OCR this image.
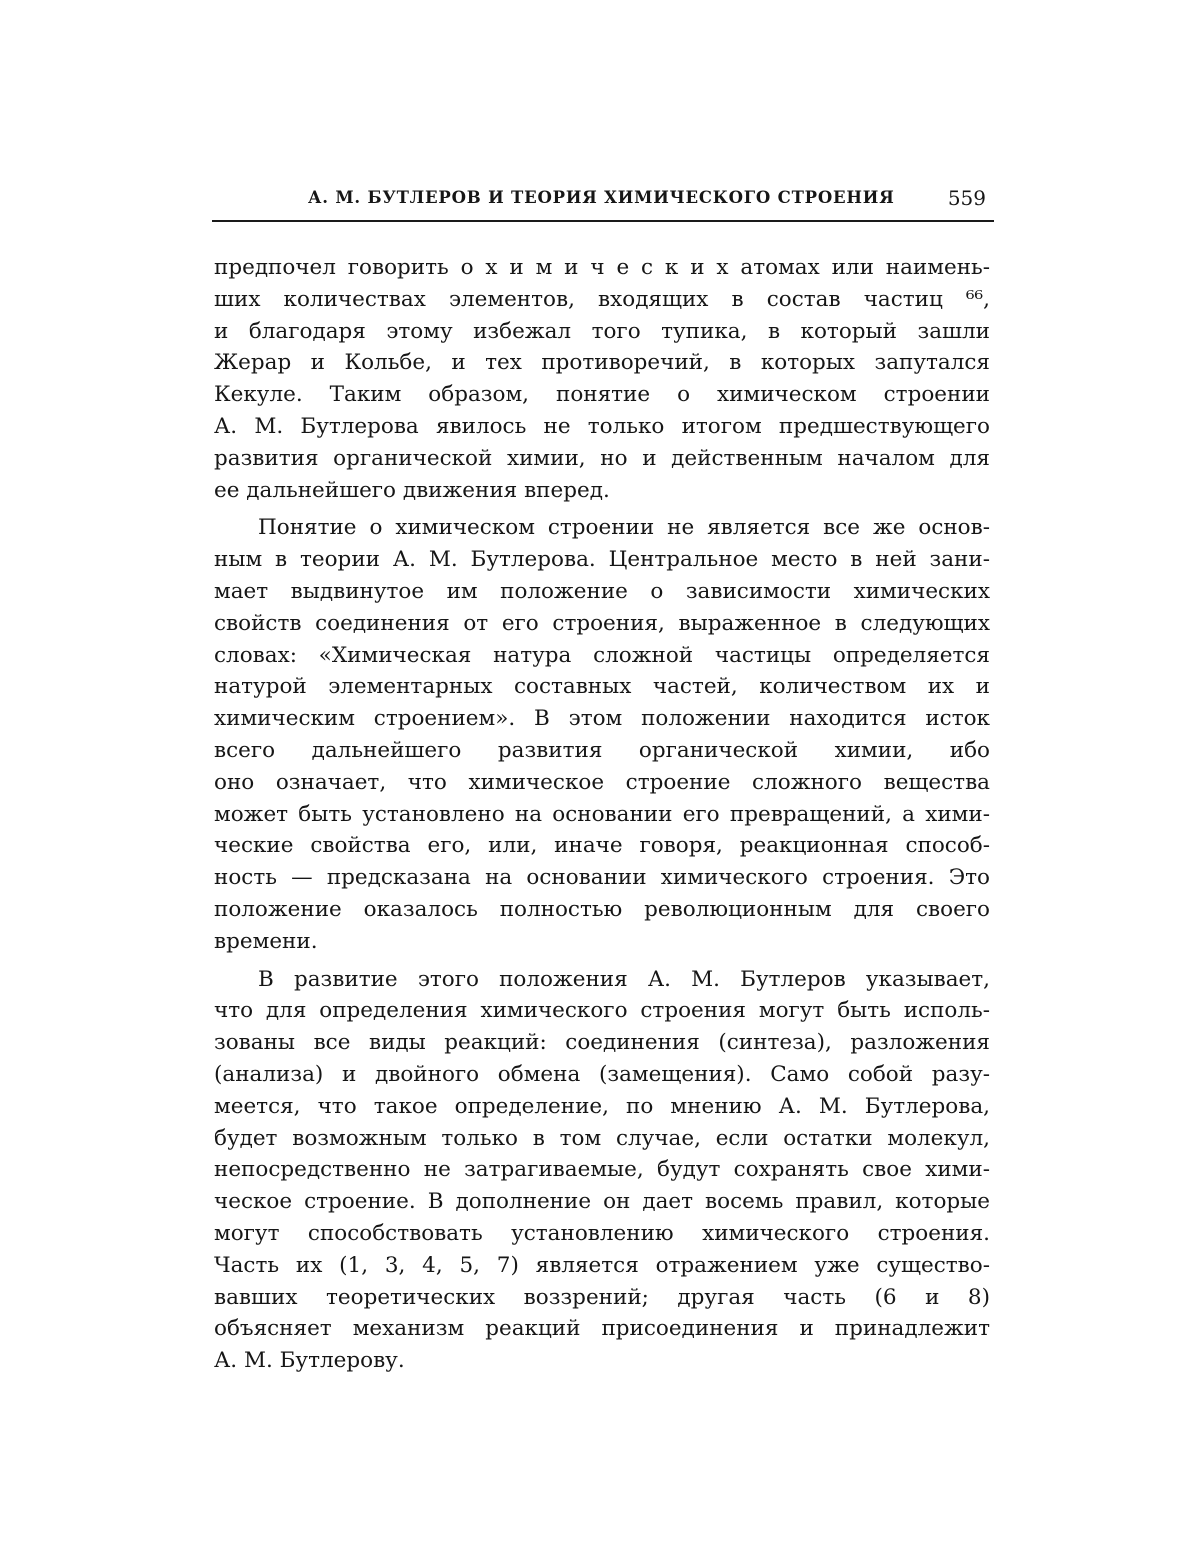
А. М. БУТЛЕРОВ И ТЕОРИЯ ХИМИЧЕСКОГО СТРОЕНИЯ	559
предпочел говорить о х и м и ч е с к и х атомах или наимень-
ших количествах элементов, входящих в состав частиц ⁶⁶,
и благодаря этому избежал того тупика, в который зашли
Жерар и Кольбе, и тех противоречий, в которых запутался
Кекуле. Таким образом, понятие о химическом строении
А. М. Бутлерова явилось не только итогом предшествующего
развития органической химии, но и действенным началом для
ее дальнейшего движения вперед.
Понятие о химическом строении не является все же основ-
ным в теории А. М. Бутлерова. Центральное место в ней зани-
мает выдвинутое им положение о зависимости химических
свойств соединения от его строения, выраженное в следующих
словах: «Химическая натура сложной частицы определяется
натурой элементарных составных частей, количеством их и
химическим строением». В этом положении находится исток
всего дальнейшего развития органической химии, ибо
оно означает, что химическое строение сложного вещества
может быть установлено на основании его превращений, а хими-
ческие свойства его, или, иначе говоря, реакционная способ-
ность — предсказана на основании химического строения. Это
положение оказалось полностью революционным для своего
времени.
В развитие этого положения А. М. Бутлеров указывает,
что для определения химического строения могут быть исполь-
зованы все виды реакций: соединения (синтеза), разложения
(анализа) и двойного обмена (замещения). Само собой разу-
меется, что такое определение, по мнению А. М. Бутлерова,
будет возможным только в том случае, если остатки молекул,
непосредственно не затрагиваемые, будут сохранять свое хими-
ческое строение. В дополнение он дает восемь правил, которые
могут способствовать установлению химического строения.
Часть их (1, 3, 4, 5, 7) является отражением уже существо-
вавших теоретических воззрений; другая часть (6 и 8)
объясняет механизм реакций присоединения и принадлежит
А. М. Бутлерову.
